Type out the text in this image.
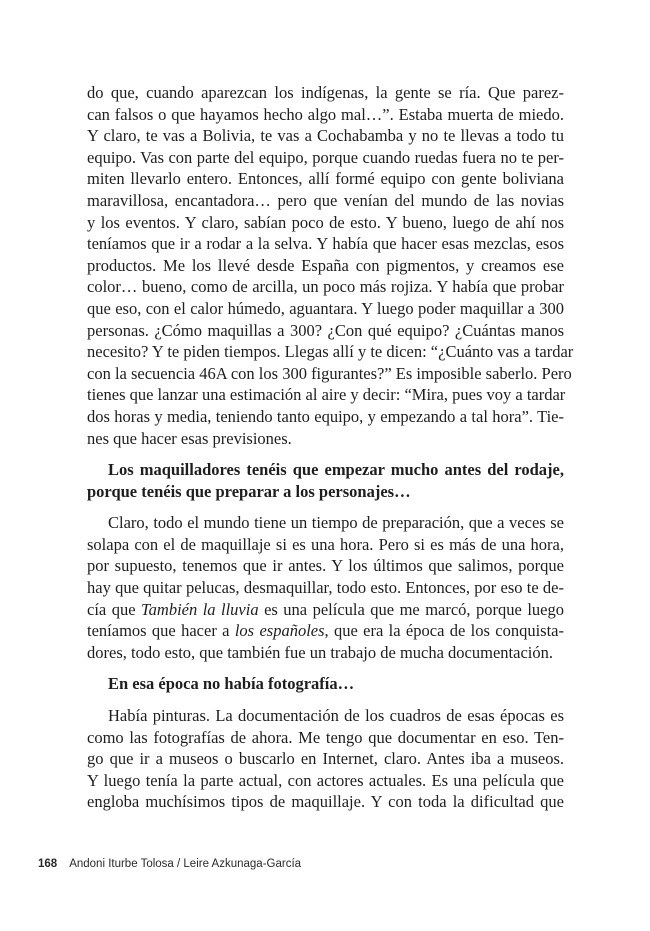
do que, cuando aparezcan los indígenas, la gente se ría. Que parez-
can falsos o que hayamos hecho algo mal…”. Estaba muerta de miedo.
Y claro, te vas a Bolivia, te vas a Cochabamba y no te llevas a todo tu
equipo. Vas con parte del equipo, porque cuando ruedas fuera no te per-
miten llevarlo entero. Entonces, allí formé equipo con gente boliviana
maravillosa, encantadora… pero que venían del mundo de las novias
y los eventos. Y claro, sabían poco de esto. Y bueno, luego de ahí nos
teníamos que ir a rodar a la selva. Y había que hacer esas mezclas, esos
productos. Me los llevé desde España con pigmentos, y creamos ese
color… bueno, como de arcilla, un poco más rojiza. Y había que probar
que eso, con el calor húmedo, aguantara. Y luego poder maquillar a 300
personas. ¿Cómo maquillas a 300? ¿Con qué equipo? ¿Cuántas manos
necesito? Y te piden tiempos. Llegas allí y te dicen: “¿Cuánto vas a tardar
con la secuencia 46A con los 300 figurantes?” Es imposible saberlo. Pero
tienes que lanzar una estimación al aire y decir: “Mira, pues voy a tardar
dos horas y media, teniendo tanto equipo, y empezando a tal hora”. Tie-
nes que hacer esas previsiones.
Los maquilladores tenéis que empezar mucho antes del rodaje,
porque tenéis que preparar a los personajes…
Claro, todo el mundo tiene un tiempo de preparación, que a veces se
solapa con el de maquillaje si es una hora. Pero si es más de una hora,
por supuesto, tenemos que ir antes. Y los últimos que salimos, porque
hay que quitar pelucas, desmaquillar, todo esto. Entonces, por eso te de-
cía que También la lluvia es una película que me marcó, porque luego
teníamos que hacer a los españoles, que era la época de los conquista-
dores, todo esto, que también fue un trabajo de mucha documentación.
En esa época no había fotografía…
Había pinturas. La documentación de los cuadros de esas épocas es
como las fotografías de ahora. Me tengo que documentar en eso. Ten-
go que ir a museos o buscarlo en Internet, claro. Antes iba a museos.
Y luego tenía la parte actual, con actores actuales. Es una película que
engloba muchísimos tipos de maquillaje. Y con toda la dificultad que
168 Andoni Iturbe Tolosa / Leire Azkunaga-García
